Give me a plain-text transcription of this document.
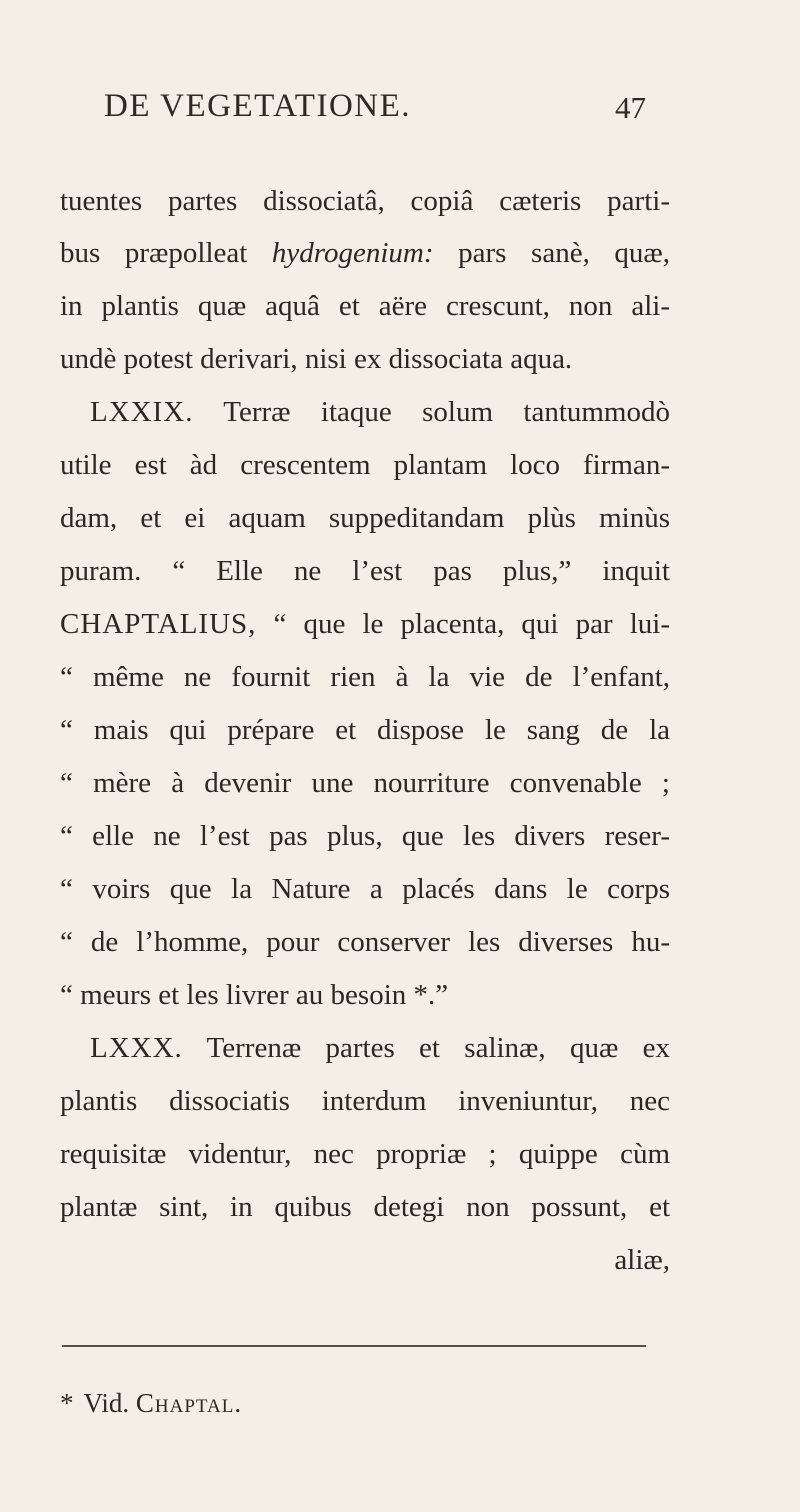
DE VEGETATIONE.	47
tuentes partes dissociatâ, copiâ cæteris parti-
bus præpolleat hydrogenium: pars sanè, quæ,
in plantis quæ aquâ et aëre crescunt, non ali-
undè potest derivari, nisi ex dissociata aqua.
LXXIX. Terræ itaque solum tantummodò
utile est àd crescentem plantam loco firman-
dam, et ei aquam suppeditandam plùs minùs
puram. “ Elle ne l’est pas plus,” inquit
CHAPTALIUS, “ que le placenta, qui par lui-
“ même ne fournit rien à la vie de l’enfant,
“ mais qui prépare et dispose le sang de la
“ mère à devenir une nourriture convenable ;
“ elle ne l’est pas plus, que les divers reser-
“ voirs que la Nature a placés dans le corps
“ de l’homme, pour conserver les diverses hu-
“ meurs et les livrer au besoin *.”
LXXX. Terrenæ partes et salinæ, quæ ex
plantis dissociatis interdum inveniuntur, nec
requisitæ videntur, nec propriæ ; quippe cùm
plantæ sint, in quibus detegi non possunt, et
aliæ,
* Vid. Chaptal.
